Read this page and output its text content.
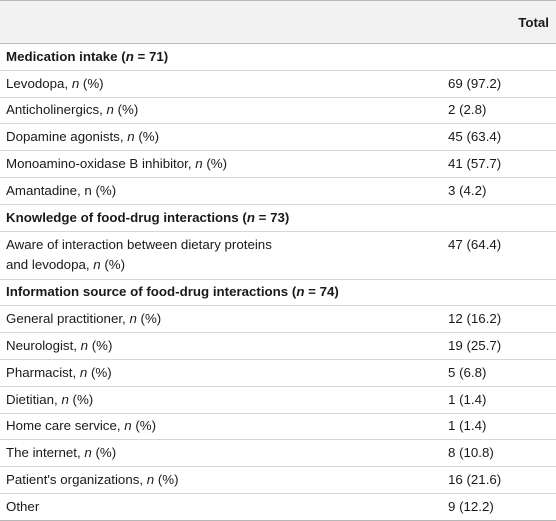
	Total
Medication intake (n = 71)	
Levodopa, n (%)	69 (97.2)
Anticholinergics, n (%)	2 (2.8)
Dopamine agonists, n (%)	45 (63.4)
Monoamino-oxidase B inhibitor, n (%)	41 (57.7)
Amantadine, n (%)	3 (4.2)
Knowledge of food-drug interactions (n = 73)	
Aware of interaction between dietary proteins
and levodopa, n (%)	47 (64.4)
Information source of food-drug interactions (n = 74)	
General practitioner, n (%)	12 (16.2)
Neurologist, n (%)	19 (25.7)
Pharmacist, n (%)	5 (6.8)
Dietitian, n (%)	1 (1.4)
Home care service, n (%)	1 (1.4)
The internet, n (%)	8 (10.8)
Patient's organizations, n (%)	16 (21.6)
Other	9 (12.2)
